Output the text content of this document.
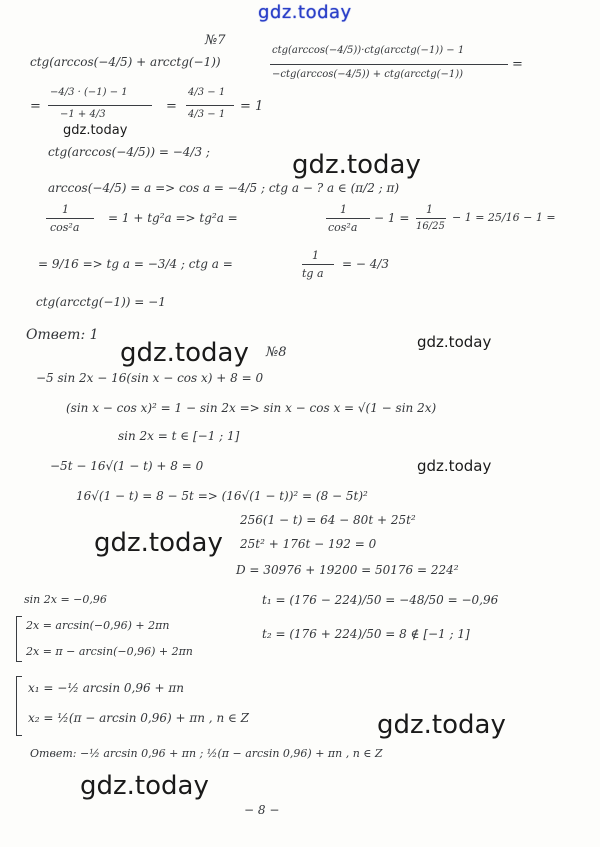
gdz.today
gdz.today
gdz.today
gdz.today	gdz.today
gdz.today
gdz.today
gdz.today
gdz.today
№7
ctg(arccos(−4/5) + arcctg(−1))
ctg(arccos(−4/5))·ctg(arcctg(−1)) − 1
−ctg(arccos(−4/5)) + ctg(arcctg(−1))
=
=
−4/3 · (−1) − 1
−1 + 4/3
=
4/3 − 1
4/3 − 1
= 1
ctg(arccos(−4/5)) = −4/3 ;
arccos(−4/5) = a => cos a = −4/5 ; ctg a − ? a ∈ (π/2 ; π)
1
cos²a
= 1 + tg²a => tg²a =
1
cos²a
− 1 =
1
16/25
− 1 = 25/16 − 1 =
= 9/16 => tg a = −3/4 ; ctg a =
1
tg a
= − 4/3
ctg(arcctg(−1)) = −1
Ответ: 1
№8
−5 sin 2x − 16(sin x − cos x) + 8 = 0
(sin x − cos x)² = 1 − sin 2x => sin x − cos x = √(1 − sin 2x)
sin 2x = t ∈ [−1 ; 1]
−5t − 16√(1 − t) + 8 = 0
16√(1 − t) = 8 − 5t => (16√(1 − t))² = (8 − 5t)²
256(1 − t) = 64 − 80t + 25t²
25t² + 176t − 192 = 0
D = 30976 + 19200 = 50176 = 224²
sin 2x = −0,96	t₁ = (176 − 224)/50 = −48/50 = −0,96
2x = arcsin(−0,96) + 2πn
2x = π − arcsin(−0,96) + 2πn
t₂ = (176 + 224)/50 = 8 ∉ [−1 ; 1]
x₁ = −½ arcsin 0,96 + πn
x₂ = ½(π − arcsin 0,96) + πn , n ∈ Z
Ответ: −½ arcsin 0,96 + πn ; ½(π − arcsin 0,96) + πn , n ∈ Z
− 8 −
